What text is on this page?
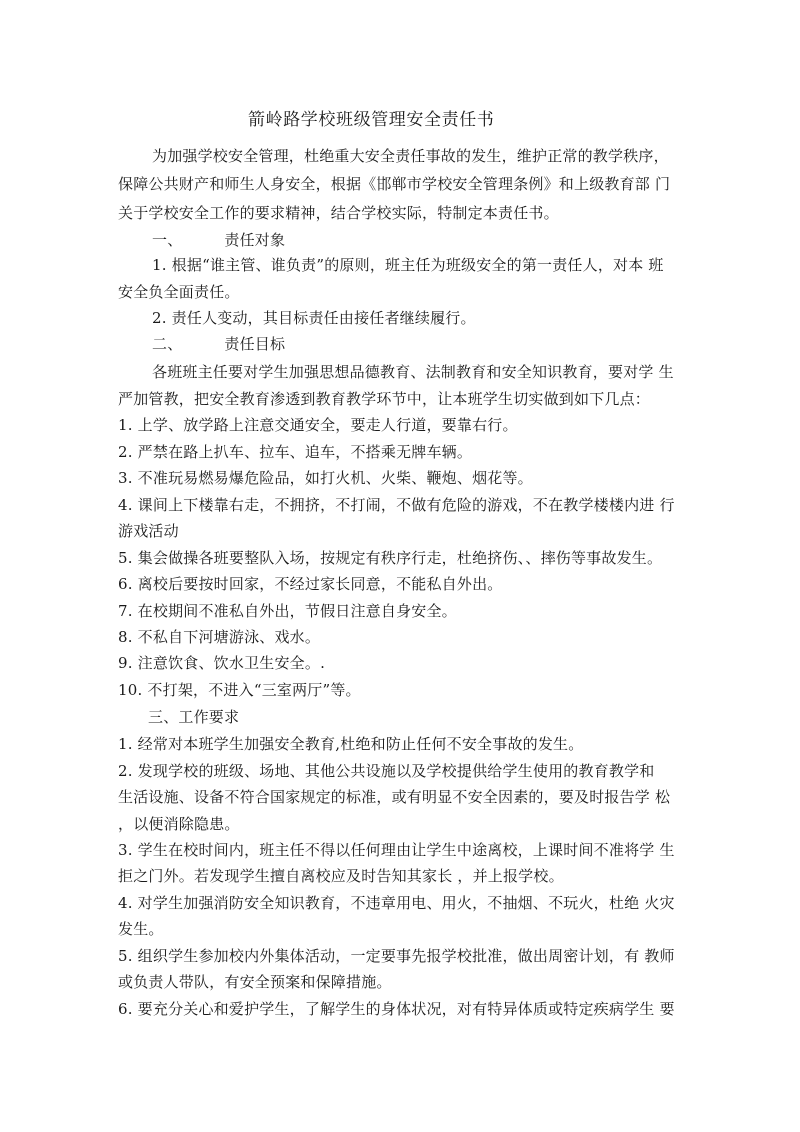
箭岭路学校班级管理安全责任书
为加强学校安全管理，杜绝重大安全责任事故的发生，维护正常的教学秩序，
保障公共财产和师生人身安全，根据《邯郸市学校安全管理条例》和上级教育部 门
关于学校安全工作的要求精神，结合学校实际，特制定本责任书。
一、	责任对象
1. 根据“谁主管、谁负责”的原则，班主任为班级安全的第一责任人，对本 班
安全负全面责任。
2. 责任人变动，其目标责任由接任者继续履行。
二、	责任目标
各班班主任要对学生加强思想品德教育、法制教育和安全知识教育，要对学 生
严加管教，把安全教育渗透到教育教学环节中，让本班学生切实做到如下几点：
1. 上学、放学路上注意交通安全，要走人行道，要靠右行。
2. 严禁在路上扒车、拉车、追车，不搭乘无牌车辆。
3. 不准玩易燃易爆危险品，如打火机、火柴、鞭炮、烟花等。
4. 课间上下楼靠右走，不拥挤，不打闹，不做有危险的游戏，不在教学楼楼内进 行
游戏活动
5. 集会做操各班要整队入场，按规定有秩序行走，杜绝挤伤、、摔伤等事故发生。
6. 离校后要按时回家，不经过家长同意，不能私自外出。
7. 在校期间不准私自外出，节假日注意自身安全。
8. 不私自下河塘游泳、戏水。
9. 注意饮食、饮水卫生安全。.
10. 不打架，不进入“三室两厅”等。
三、工作要求
1. 经常对本班学生加强安全教育,杜绝和防止任何不安全事故的发生。
2. 发现学校的班级、场地、其他公共设施以及学校提供给学生使用的教育教学和
生活设施、设备不符合国家规定的标准，或有明显不安全因素的，要及时报告学 松
，以便消除隐患。
3. 学生在校时间内，班主任不得以任何理由让学生中途离校，上课时间不准将学 生
拒之门外。若发现学生擅自离校应及时告知其家长 ，并上报学校。
4. 对学生加强消防安全知识教育，不违章用电、用火，不抽烟、不玩火，杜绝 火灾
发生。
5. 组织学生参加校内外集体活动，一定要事先报学校批准，做出周密计划，有 教师
或负责人带队，有安全预案和保障措施。
6. 要充分关心和爱护学生，了解学生的身体状况，对有特异体质或特定疾病学生 要
